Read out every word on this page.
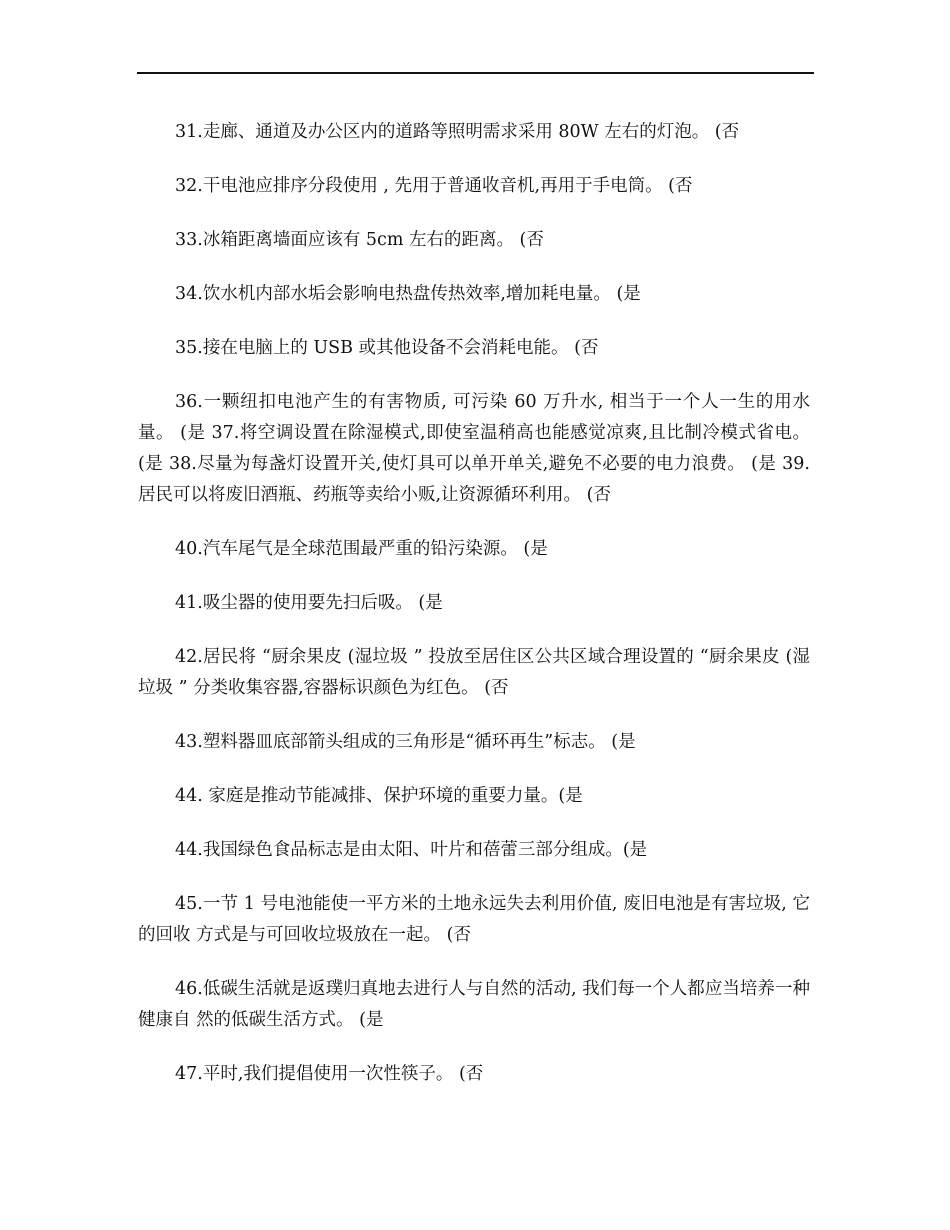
31.走廊、通道及办公区内的道路等照明需求采用 80W 左右的灯泡。 (否

32.干电池应排序分段使用 , 先用于普通收音机,再用于手电筒。 (否

33.冰箱距离墙面应该有 5cm 左右的距离。 (否

34.饮水机内部水垢会影响电热盘传热效率,增加耗电量。 (是

35.接在电脑上的 USB 或其他设备不会消耗电能。 (否

36.一颗纽扣电池产生的有害物质, 可污染 60 万升水, 相当于一个人一生的用水量。 (是 37.将空调设置在除湿模式,即使室温稍高也能感觉凉爽,且比制冷模式省电。 (是 38.尽量为每盏灯设置开关,使灯具可以单开单关,避免不必要的电力浪费。 (是 39.居民可以将废旧酒瓶、药瓶等卖给小贩,让资源循环利用。 (否

40.汽车尾气是全球范围最严重的铅污染源。 (是

41.吸尘器的使用要先扫后吸。 (是

42.居民将 “厨余果皮 (湿垃圾 ” 投放至居住区公共区域合理设置的 “厨余果皮 (湿垃圾 ” 分类收集容器,容器标识颜色为红色。 (否

43.塑料器皿底部箭头组成的三角形是“循环再生”标志。 (是

44. 家庭是推动节能减排、保护环境的重要力量。(是

44.我国绿色食品标志是由太阳、叶片和蓓蕾三部分组成。(是

45.一节 1 号电池能使一平方米的土地永远失去利用价值, 废旧电池是有害垃圾, 它的回收 方式是与可回收垃圾放在一起。 (否

46.低碳生活就是返璞归真地去进行人与自然的活动, 我们每一个人都应当培养一种健康自 然的低碳生活方式。 (是

47.平时,我们提倡使用一次性筷子。 (否
